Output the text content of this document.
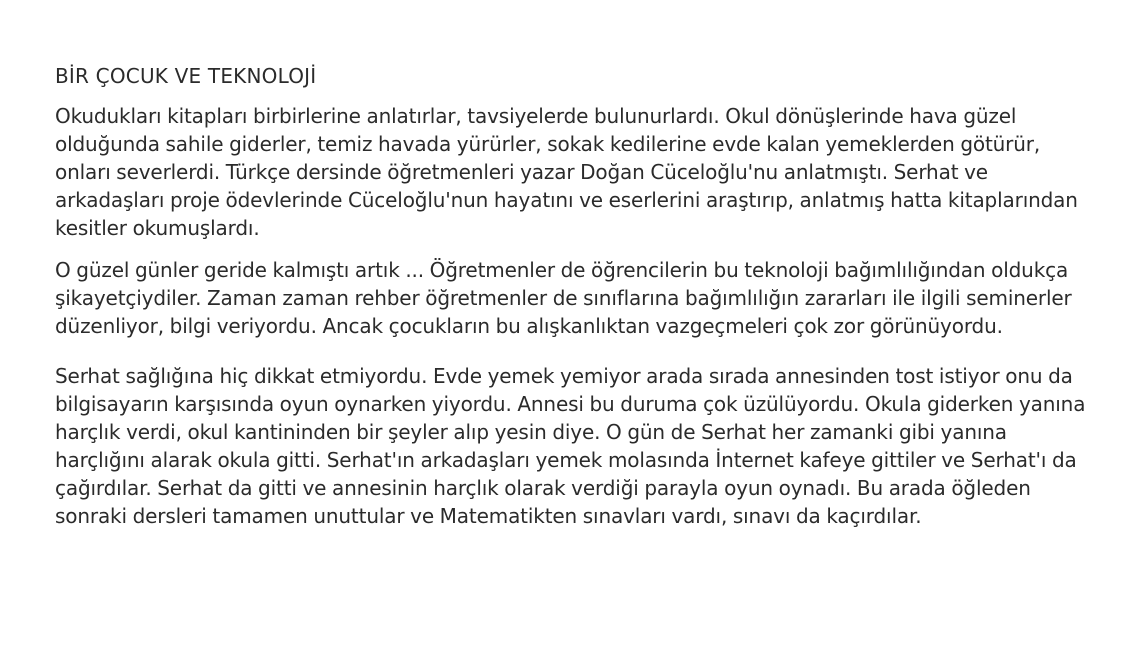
BİR ÇOCUK VE TEKNOLOJİ

Okudukları kitapları birbirlerine anlatırlar, tavsiyelerde bulunurlardı. Okul dönüşlerinde hava güzel olduğunda sahile giderler, temiz havada yürürler, sokak kedilerine evde kalan yemeklerden götürür, onları severlerdi. Türkçe dersinde öğretmenleri yazar Doğan Cüceloğlu'nu anlatmıştı. Serhat ve arkadaşları proje ödevlerinde Cüceloğlu'nun hayatını ve eserlerini araştırıp, anlatmış hatta kitaplarından kesitler okumuşlardı.

O güzel günler geride kalmıştı artık ... Öğretmenler de öğrencilerin bu teknoloji bağımlılığından oldukça şikayetçiydiler. Zaman zaman rehber öğretmenler de sınıflarına bağımlılığın zararları ile ilgili seminerler düzenliyor, bilgi veriyordu. Ancak çocukların bu alışkanlıktan vazgeçmeleri çok zor görünüyordu.

Serhat sağlığına hiç dikkat etmiyordu. Evde yemek yemiyor arada sırada annesinden tost istiyor onu da bilgisayarın karşısında oyun oynarken yiyordu. Annesi bu duruma çok üzülüyordu. Okula giderken yanına harçlık verdi, okul kantininden bir şeyler alıp yesin diye. O gün de Serhat her zamanki gibi yanına harçlığını alarak okula gitti. Serhat'ın arkadaşları yemek molasında İnternet kafeye gittiler ve Serhat'ı da çağırdılar. Serhat da gitti ve annesinin harçlık olarak verdiği parayla oyun oynadı. Bu arada öğleden sonraki dersleri tamamen unuttular ve Matematikten sınavları vardı, sınavı da kaçırdılar.
